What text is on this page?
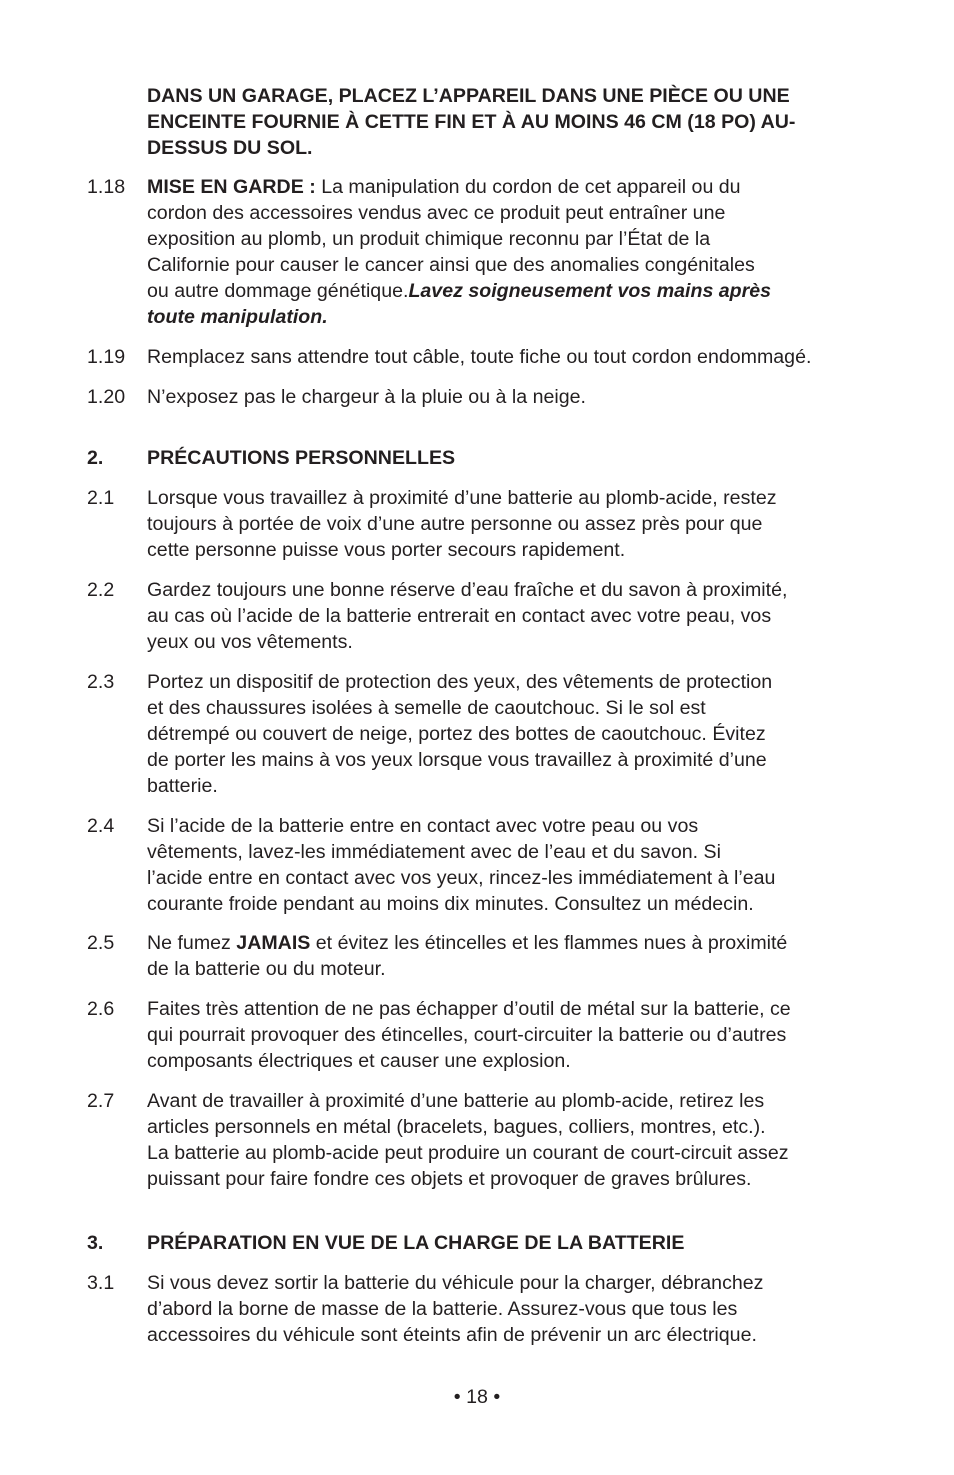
DANS UN GARAGE, PLACEZ L’APPAREIL DANS UNE PIÈCE OU UNE
ENCEINTE FOURNIE À CETTE FIN ET À AU MOINS 46 CM (18 PO) AU-
DESSUS DU SOL.
1.18 MISE EN GARDE : La manipulation du cordon de cet appareil ou du
cordon des accessoires vendus avec ce produit peut entraîner une
exposition au plomb, un produit chimique reconnu par l’État de la
Californie pour causer le cancer ainsi que des anomalies congénitales
ou autre dommage génétique.Lavez soigneusement vos mains après
toute manipulation.
1.19 Remplacez sans attendre tout câble, toute fiche ou tout cordon endommagé.
1.20 N’exposez pas le chargeur à la pluie ou à la neige.
2. PRÉCAUTIONS PERSONNELLES
2.1 Lorsque vous travaillez à proximité d’une batterie au plomb-acide, restez
toujours à portée de voix d’une autre personne ou assez près pour que
cette personne puisse vous porter secours rapidement.
2.2 Gardez toujours une bonne réserve d’eau fraîche et du savon à proximité,
au cas où l’acide de la batterie entrerait en contact avec votre peau, vos
yeux ou vos vêtements.
2.3 Portez un dispositif de protection des yeux, des vêtements de protection
et des chaussures isolées à semelle de caoutchouc. Si le sol est
détrempé ou couvert de neige, portez des bottes de caoutchouc. Évitez
de porter les mains à vos yeux lorsque vous travaillez à proximité d’une
batterie.
2.4 Si l’acide de la batterie entre en contact avec votre peau ou vos
vêtements, lavez-les immédiatement avec de l’eau et du savon. Si
l’acide entre en contact avec vos yeux, rincez-les immédiatement à l’eau
courante froide pendant au moins dix minutes. Consultez un médecin.
2.5 Ne fumez JAMAIS et évitez les étincelles et les flammes nues à proximité
de la batterie ou du moteur.
2.6 Faites très attention de ne pas échapper d’outil de métal sur la batterie, ce
qui pourrait provoquer des étincelles, court-circuiter la batterie ou d’autres
composants électriques et causer une explosion.
2.7 Avant de travailler à proximité d’une batterie au plomb-acide, retirez les
articles personnels en métal (bracelets, bagues, colliers, montres, etc.).
La batterie au plomb-acide peut produire un courant de court-circuit assez
puissant pour faire fondre ces objets et provoquer de graves brûlures.
3. PRÉPARATION EN VUE DE LA CHARGE DE LA BATTERIE
3.1 Si vous devez sortir la batterie du véhicule pour la charger, débranchez
d’abord la borne de masse de la batterie. Assurez-vous que tous les
accessoires du véhicule sont éteints afin de prévenir un arc électrique.
• 18 •
